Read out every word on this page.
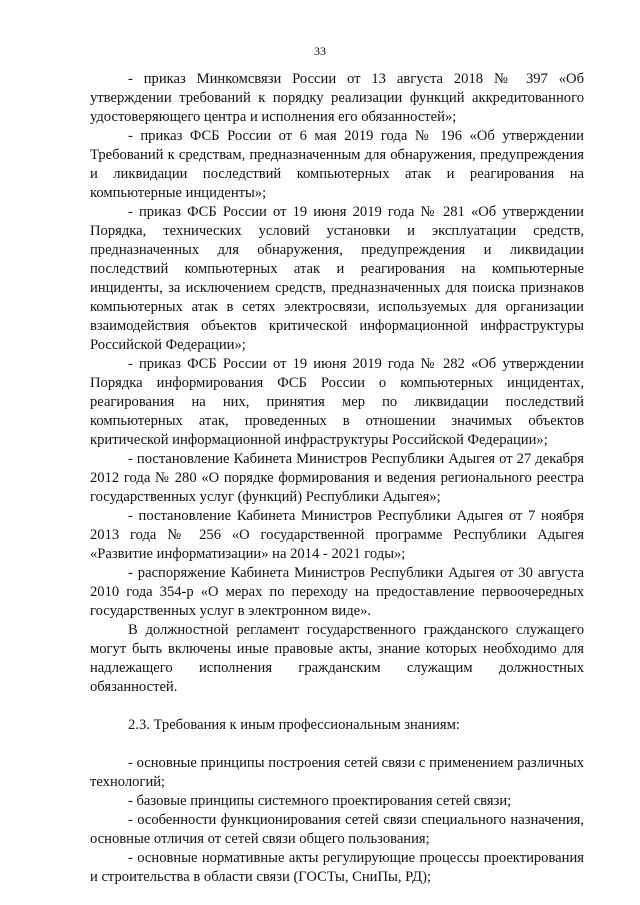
33

- приказ Минкомсвязи России от 13 августа 2018 № 397 «Об утверждении требований к порядку реализации функций аккредитованного удостоверяющего центра и исполнения его обязанностей»;

- приказ ФСБ России от 6 мая 2019 года № 196 «Об утверждении Требований к средствам, предназначенным для обнаружения, предупреждения и ликвидации последствий компьютерных атак и реагирования на компьютерные инциденты»;

- приказ ФСБ России от 19 июня 2019 года № 281 «Об утверждении Порядка, технических условий установки и эксплуатации средств, предназначенных для обнаружения, предупреждения и ликвидации последствий компьютерных атак и реагирования на компьютерные инциденты, за исключением средств, предназначенных для поиска признаков компьютерных атак в сетях электросвязи, используемых для организации взаимодействия объектов критической информационной инфраструктуры Российской Федерации»;

- приказ ФСБ России от 19 июня 2019 года № 282 «Об утверждении Порядка информирования ФСБ России о компьютерных инцидентах, реагирования на них, принятия мер по ликвидации последствий компьютерных атак, проведенных в отношении значимых объектов критической информационной инфраструктуры Российской Федерации»;

- постановление Кабинета Министров Республики Адыгея от 27 декабря 2012 года № 280 «О порядке формирования и ведения регионального реестра государственных услуг (функций) Республики Адыгея»;

- постановление Кабинета Министров Республики Адыгея от 7 ноября 2013 года № 256 «О государственной программе Республики Адыгея «Развитие информатизации» на 2014 - 2021 годы»;

- распоряжение Кабинета Министров Республики Адыгея от 30 августа 2010 года 354-р «О мерах по переходу на предоставление первоочередных государственных услуг в электронном виде».

В должностной регламент государственного гражданского служащего могут быть включены иные правовые акты, знание которых необходимо для надлежащего исполнения гражданским служащим должностных обязанностей.

2.3. Требования к иным профессиональным знаниям:

- основные принципы построения сетей связи с применением различных технологий;

- базовые принципы системного проектирования сетей связи;

- особенности функционирования сетей связи специального назначения, основные отличия от сетей связи общего пользования;

- основные нормативные акты регулирующие процессы проектирования и строительства в области связи (ГОСТы, СниПы, РД);
